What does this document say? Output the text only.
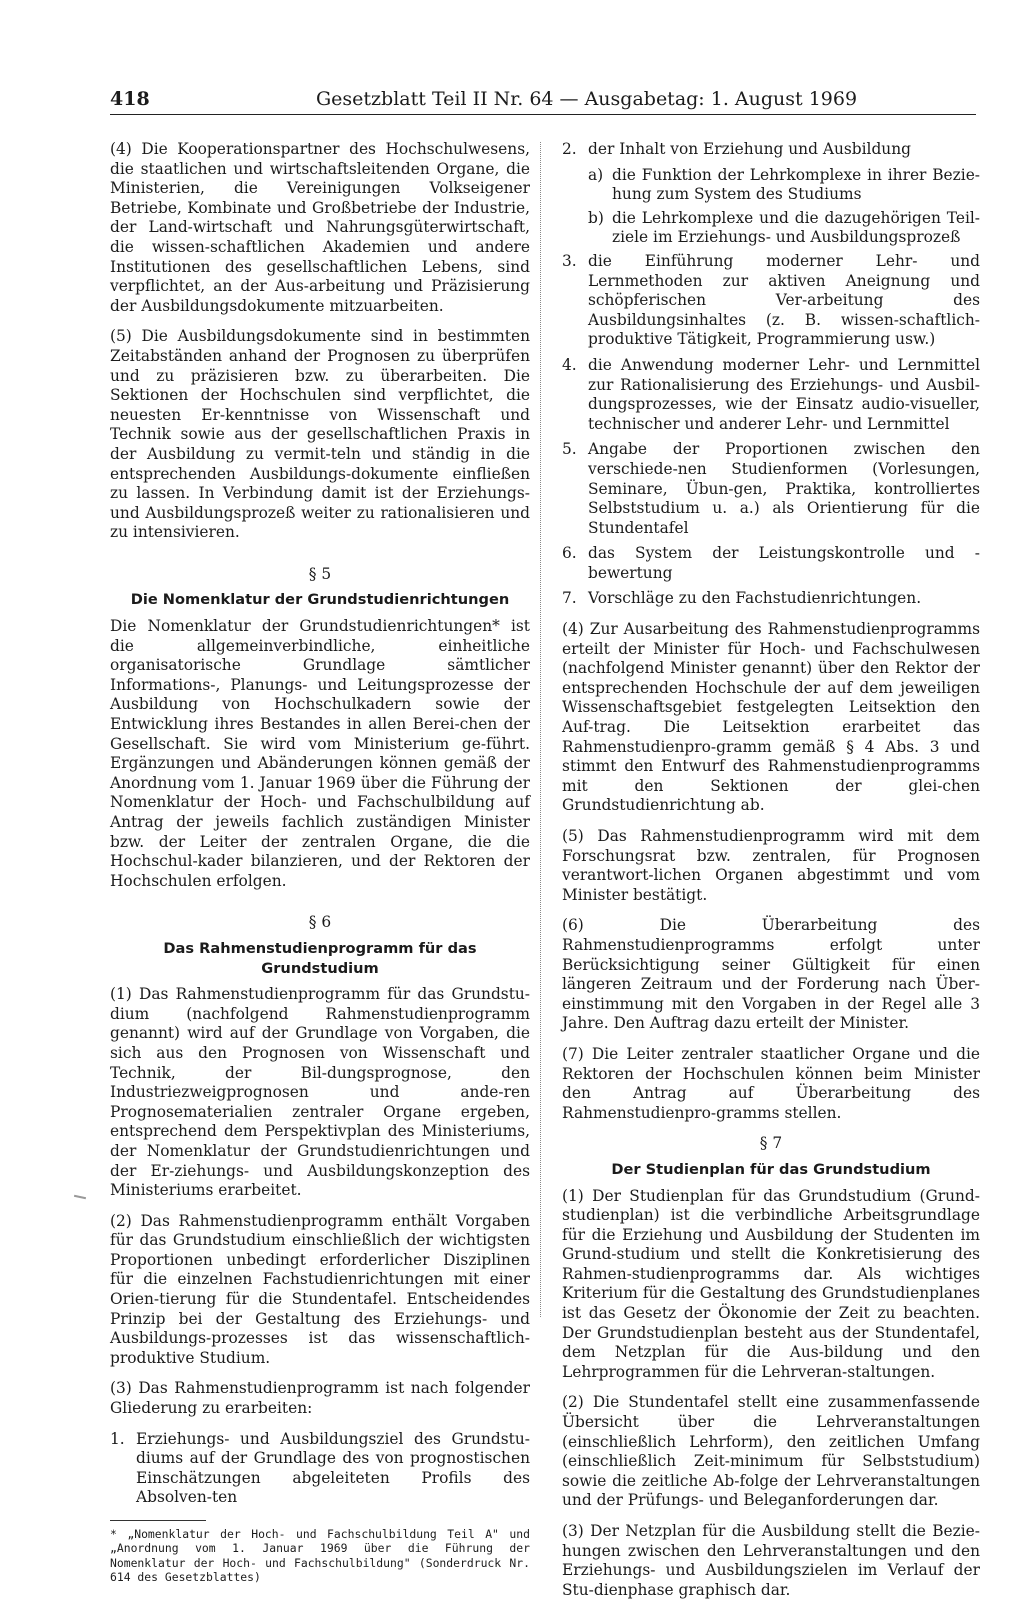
418	Gesetzblatt Teil II Nr. 64 — Ausgabetag: 1. August 1969

(4) Die Kooperationspartner des Hochschulwesens, die staatlichen und wirtschaftsleitenden Organe, die Ministerien, die Vereinigungen Volkseigener Betriebe, Kombinate und Großbetriebe der Industrie, der Land-wirtschaft und Nahrungsgüterwirtschaft, die wissen-schaftlichen Akademien und andere Institutionen des gesellschaftlichen Lebens, sind verpflichtet, an der Aus-arbeitung und Präzisierung der Ausbildungsdokumente mitzuarbeiten.

(5) Die Ausbildungsdokumente sind in bestimmten Zeitabständen anhand der Prognosen zu überprüfen und zu präzisieren bzw. zu überarbeiten. Die Sektionen der Hochschulen sind verpflichtet, die neuesten Er-kenntnisse von Wissenschaft und Technik sowie aus der gesellschaftlichen Praxis in der Ausbildung zu vermit-teln und ständig in die entsprechenden Ausbildungs-dokumente einfließen zu lassen. In Verbindung damit ist der Erziehungs- und Ausbildungsprozeß weiter zu rationalisieren und zu intensivieren.

§ 5
Die Nomenklatur der Grundstudienrichtungen

Die Nomenklatur der Grundstudienrichtungen* ist die allgemeinverbindliche, einheitliche organisatorische Grundlage sämtlicher Informations-, Planungs- und Leitungsprozesse der Ausbildung von Hochschulkadern sowie der Entwicklung ihres Bestandes in allen Berei-chen der Gesellschaft. Sie wird vom Ministerium ge-führt. Ergänzungen und Abänderungen können gemäß der Anordnung vom 1. Januar 1969 über die Führung der Nomenklatur der Hoch- und Fachschulbildung auf Antrag der jeweils fachlich zuständigen Minister bzw. der Leiter der zentralen Organe, die die Hochschul-kader bilanzieren, und der Rektoren der Hochschulen erfolgen.

§ 6
Das Rahmenstudienprogramm für das Grundstudium

(1) Das Rahmenstudienprogramm für das Grundstu-dium (nachfolgend Rahmenstudienprogramm genannt) wird auf der Grundlage von Vorgaben, die sich aus den Prognosen von Wissenschaft und Technik, der Bil-dungsprognose, den Industriezweigprognosen und ande-ren Prognosematerialien zentraler Organe ergeben, entsprechend dem Perspektivplan des Ministeriums, der Nomenklatur der Grundstudienrichtungen und der Er-ziehungs- und Ausbildungskonzeption des Ministeriums erarbeitet.

(2) Das Rahmenstudienprogramm enthält Vorgaben für das Grundstudium einschließlich der wichtigsten Proportionen unbedingt erforderlicher Disziplinen für die einzelnen Fachstudienrichtungen mit einer Orien-tierung für die Stundentafel. Entscheidendes Prinzip bei der Gestaltung des Erziehungs- und Ausbildungs-prozesses ist das wissenschaftlich-produktive Studium.

(3) Das Rahmenstudienprogramm ist nach folgender Gliederung zu erarbeiten:

1. Erziehungs- und Ausbildungsziel des Grundstu-diums auf der Grundlage des von prognostischen Einschätzungen abgeleiteten Profils des Absolven-ten

* „Nomenklatur der Hoch- und Fachschulbildung Teil A" und „Anordnung vom 1. Januar 1969 über die Führung der Nomenklatur der Hoch- und Fachschulbildung" (Sonderdruck Nr. 614 des Gesetzblattes)

2. der Inhalt von Erziehung und Ausbildung
a) die Funktion der Lehrkomplexe in ihrer Bezie-hung zum System des Studiums
b) die Lehrkomplexe und die dazugehörigen Teil-ziele im Erziehungs- und Ausbildungsprozeß
3. die Einführung moderner Lehr- und Lernmethoden zur aktiven Aneignung und schöpferischen Ver-arbeitung des Ausbildungsinhaltes (z. B. wissen-schaftlich-produktive Tätigkeit, Programmierung usw.)
4. die Anwendung moderner Lehr- und Lernmittel zur Rationalisierung des Erziehungs- und Ausbil-dungsprozesses, wie der Einsatz audio-visueller, technischer und anderer Lehr- und Lernmittel
5. Angabe der Proportionen zwischen den verschiede-nen Studienformen (Vorlesungen, Seminare, Übun-gen, Praktika, kontrolliertes Selbststudium u. a.) als Orientierung für die Stundentafel
6. das System der Leistungskontrolle und -bewertung
7. Vorschläge zu den Fachstudienrichtungen.

(4) Zur Ausarbeitung des Rahmenstudienprogramms erteilt der Minister für Hoch- und Fachschulwesen (nachfolgend Minister genannt) über den Rektor der entsprechenden Hochschule der auf dem jeweiligen Wissenschaftsgebiet festgelegten Leitsektion den Auf-trag. Die Leitsektion erarbeitet das Rahmenstudienpro-gramm gemäß § 4 Abs. 3 und stimmt den Entwurf des Rahmenstudienprogramms mit den Sektionen der glei-chen Grundstudienrichtung ab.

(5) Das Rahmenstudienprogramm wird mit dem Forschungsrat bzw. zentralen, für Prognosen verantwort-lichen Organen abgestimmt und vom Minister bestätigt.

(6) Die Überarbeitung des Rahmenstudienprogramms erfolgt unter Berücksichtigung seiner Gültigkeit für einen längeren Zeitraum und der Forderung nach Über-einstimmung mit den Vorgaben in der Regel alle 3 Jahre. Den Auftrag dazu erteilt der Minister.

(7) Die Leiter zentraler staatlicher Organe und die Rektoren der Hochschulen können beim Minister den Antrag auf Überarbeitung des Rahmenstudienpro-gramms stellen.

§ 7
Der Studienplan für das Grundstudium

(1) Der Studienplan für das Grundstudium (Grund-studienplan) ist die verbindliche Arbeitsgrundlage für die Erziehung und Ausbildung der Studenten im Grund-studium und stellt die Konkretisierung des Rahmen-studienprogramms dar. Als wichtiges Kriterium für die Gestaltung des Grundstudienplanes ist das Gesetz der Ökonomie der Zeit zu beachten. Der Grundstudienplan besteht aus der Stundentafel, dem Netzplan für die Aus-bildung und den Lehrprogrammen für die Lehrveran-staltungen.

(2) Die Stundentafel stellt eine zusammenfassende Übersicht über die Lehrveranstaltungen (einschließlich Lehrform), den zeitlichen Umfang (einschließlich Zeit-minimum für Selbststudium) sowie die zeitliche Ab-folge der Lehrveranstaltungen und der Prüfungs- und Beleganforderungen dar.

(3) Der Netzplan für die Ausbildung stellt die Bezie-hungen zwischen den Lehrveranstaltungen und den Erziehungs- und Ausbildungszielen im Verlauf der Stu-dienphase graphisch dar.
